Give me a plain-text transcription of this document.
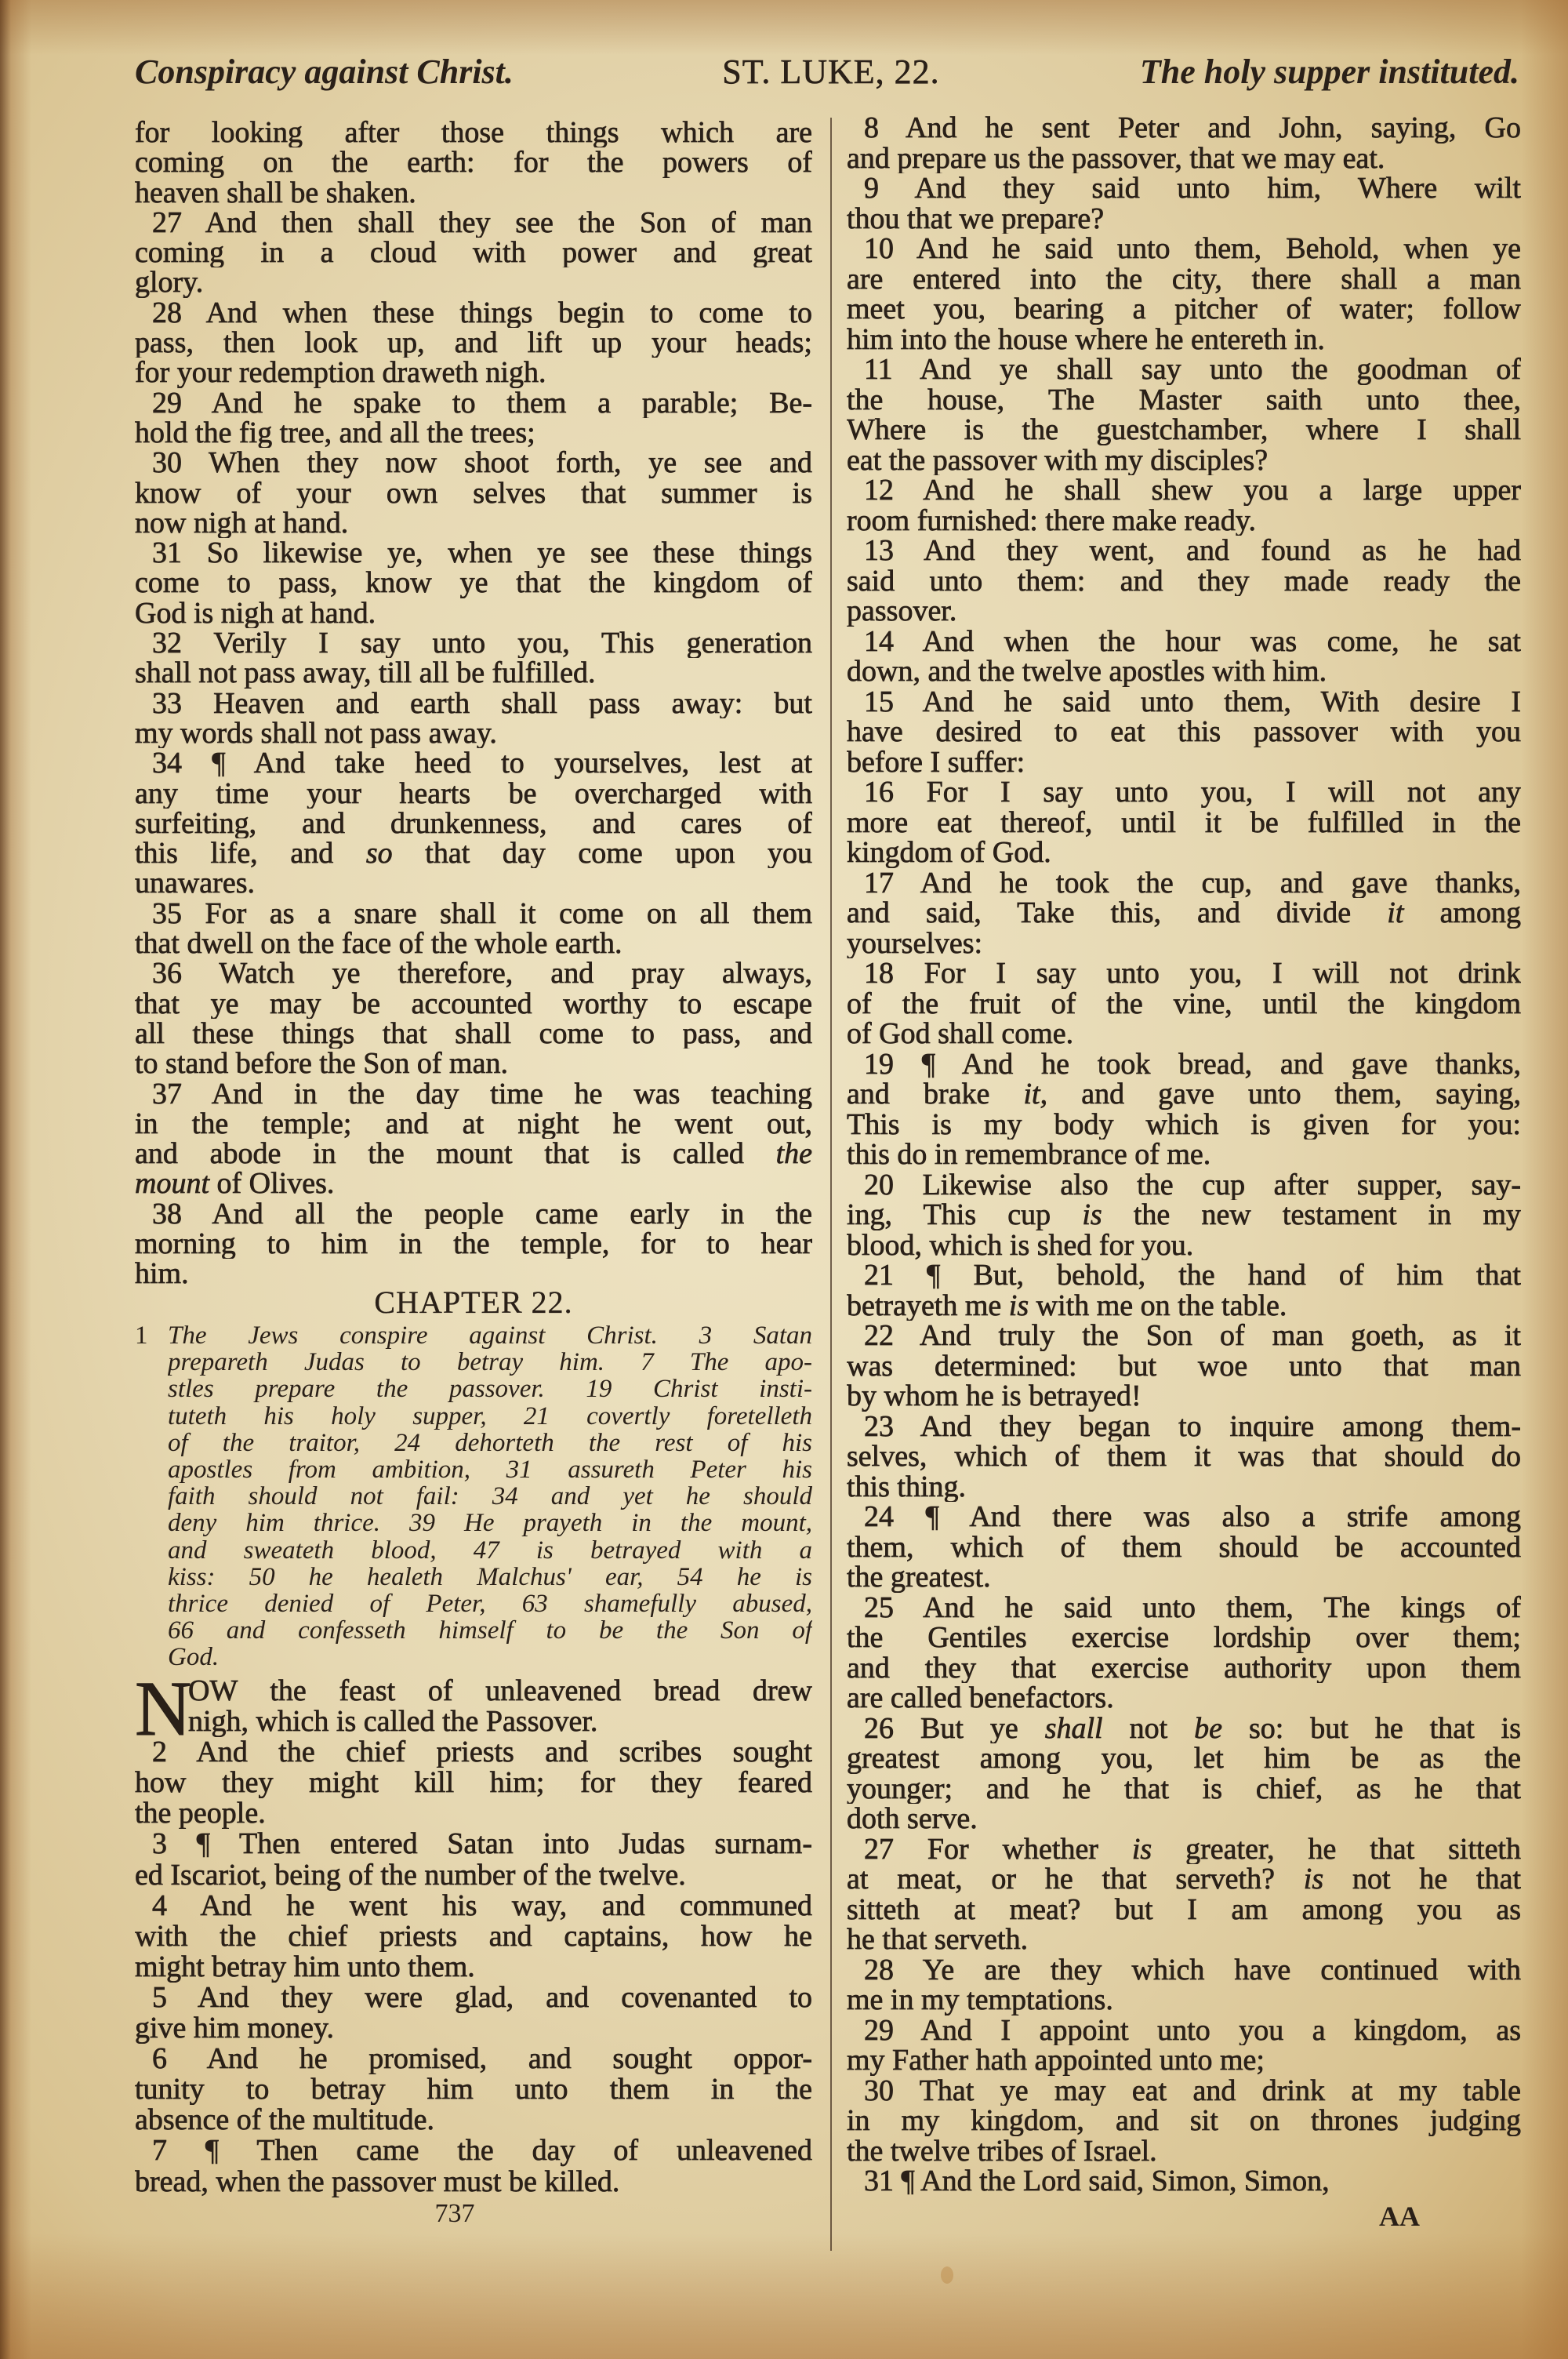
Conspiracy against Christ.	ST. LUKE, 22.	The holy supper instituted.
for looking after those things which are
coming on the earth: for the powers of
heaven shall be shaken.
27 And then shall they see the Son of man
coming in a cloud with power and great
glory.
28 And when these things begin to come to
pass, then look up, and lift up your heads;
for your redemption draweth nigh.
29 And he spake to them a parable; Be-
hold the fig tree, and all the trees;
30 When they now shoot forth, ye see and
know of your own selves that summer is
now nigh at hand.
31 So likewise ye, when ye see these things
come to pass, know ye that the kingdom of
God is nigh at hand.
32 Verily I say unto you, This generation
shall not pass away, till all be fulfilled.
33 Heaven and earth shall pass away: but
my words shall not pass away.
34 ¶ And take heed to yourselves, lest at
any time your hearts be overcharged with
surfeiting, and drunkenness, and cares of
this life, and so that day come upon you
unawares.
35 For as a snare shall it come on all them
that dwell on the face of the whole earth.
36 Watch ye therefore, and pray always,
that ye may be accounted worthy to escape
all these things that shall come to pass, and
to stand before the Son of man.
37 And in the day time he was teaching
in the temple; and at night he went out,
and abode in the mount that is called the
mount of Olives.
38 And all the people came early in the
morning to him in the temple, for to hear
him.
CHAPTER 22.
1 The Jews conspire against Christ. 3 Satan
prepareth Judas to betray him. 7 The apo-
stles prepare the passover. 19 Christ insti-
tuteth his holy supper, 21 covertly foretelleth
of the traitor, 24 dehorteth the rest of his
apostles from ambition, 31 assureth Peter his
faith should not fail: 34 and yet he should
deny him thrice. 39 He prayeth in the mount,
and sweateth blood, 47 is betrayed with a
kiss: 50 he healeth Malchus' ear, 54 he is
thrice denied of Peter, 63 shamefully abused,
66 and confesseth himself to be the Son of
God.
N
OW the feast of unleavened bread drew
nigh, which is called the Passover.
2 And the chief priests and scribes sought
how they might kill him; for they feared
the people.
3 ¶ Then entered Satan into Judas surnam-
ed Iscariot, being of the number of the twelve.
4 And he went his way, and communed
with the chief priests and captains, how he
might betray him unto them.
5 And they were glad, and covenanted to
give him money.
6 And he promised, and sought oppor-
tunity to betray him unto them in the
absence of the multitude.
7 ¶ Then came the day of unleavened
bread, when the passover must be killed.
8 And he sent Peter and John, saying, Go
and prepare us the passover, that we may eat.
9 And they said unto him, Where wilt
thou that we prepare?
10 And he said unto them, Behold, when ye
are entered into the city, there shall a man
meet you, bearing a pitcher of water; follow
him into the house where he entereth in.
11 And ye shall say unto the goodman of
the house, The Master saith unto thee,
Where is the guestchamber, where I shall
eat the passover with my disciples?
12 And he shall shew you a large upper
room furnished: there make ready.
13 And they went, and found as he had
said unto them: and they made ready the
passover.
14 And when the hour was come, he sat
down, and the twelve apostles with him.
15 And he said unto them, With desire I
have desired to eat this passover with you
before I suffer:
16 For I say unto you, I will not any
more eat thereof, until it be fulfilled in the
kingdom of God.
17 And he took the cup, and gave thanks,
and said, Take this, and divide it among
yourselves:
18 For I say unto you, I will not drink
of the fruit of the vine, until the kingdom
of God shall come.
19 ¶ And he took bread, and gave thanks,
and brake it, and gave unto them, saying,
This is my body which is given for you:
this do in remembrance of me.
20 Likewise also the cup after supper, say-
ing, This cup is the new testament in my
blood, which is shed for you.
21 ¶ But, behold, the hand of him that
betrayeth me is with me on the table.
22 And truly the Son of man goeth, as it
was determined: but woe unto that man
by whom he is betrayed!
23 And they began to inquire among them-
selves, which of them it was that should do
this thing.
24 ¶ And there was also a strife among
them, which of them should be accounted
the greatest.
25 And he said unto them, The kings of
the Gentiles exercise lordship over them;
and they that exercise authority upon them
are called benefactors.
26 But ye shall not be so: but he that is
greatest among you, let him be as the
younger; and he that is chief, as he that
doth serve.
27 For whether is greater, he that sitteth
at meat, or he that serveth? is not he that
sitteth at meat? but I am among you as
he that serveth.
28 Ye are they which have continued with
me in my temptations.
29 And I appoint unto you a kingdom, as
my Father hath appointed unto me;
30 That ye may eat and drink at my table
in my kingdom, and sit on thrones judging
the twelve tribes of Israel.
31 ¶ And the Lord said, Simon, Simon,
737	AA
